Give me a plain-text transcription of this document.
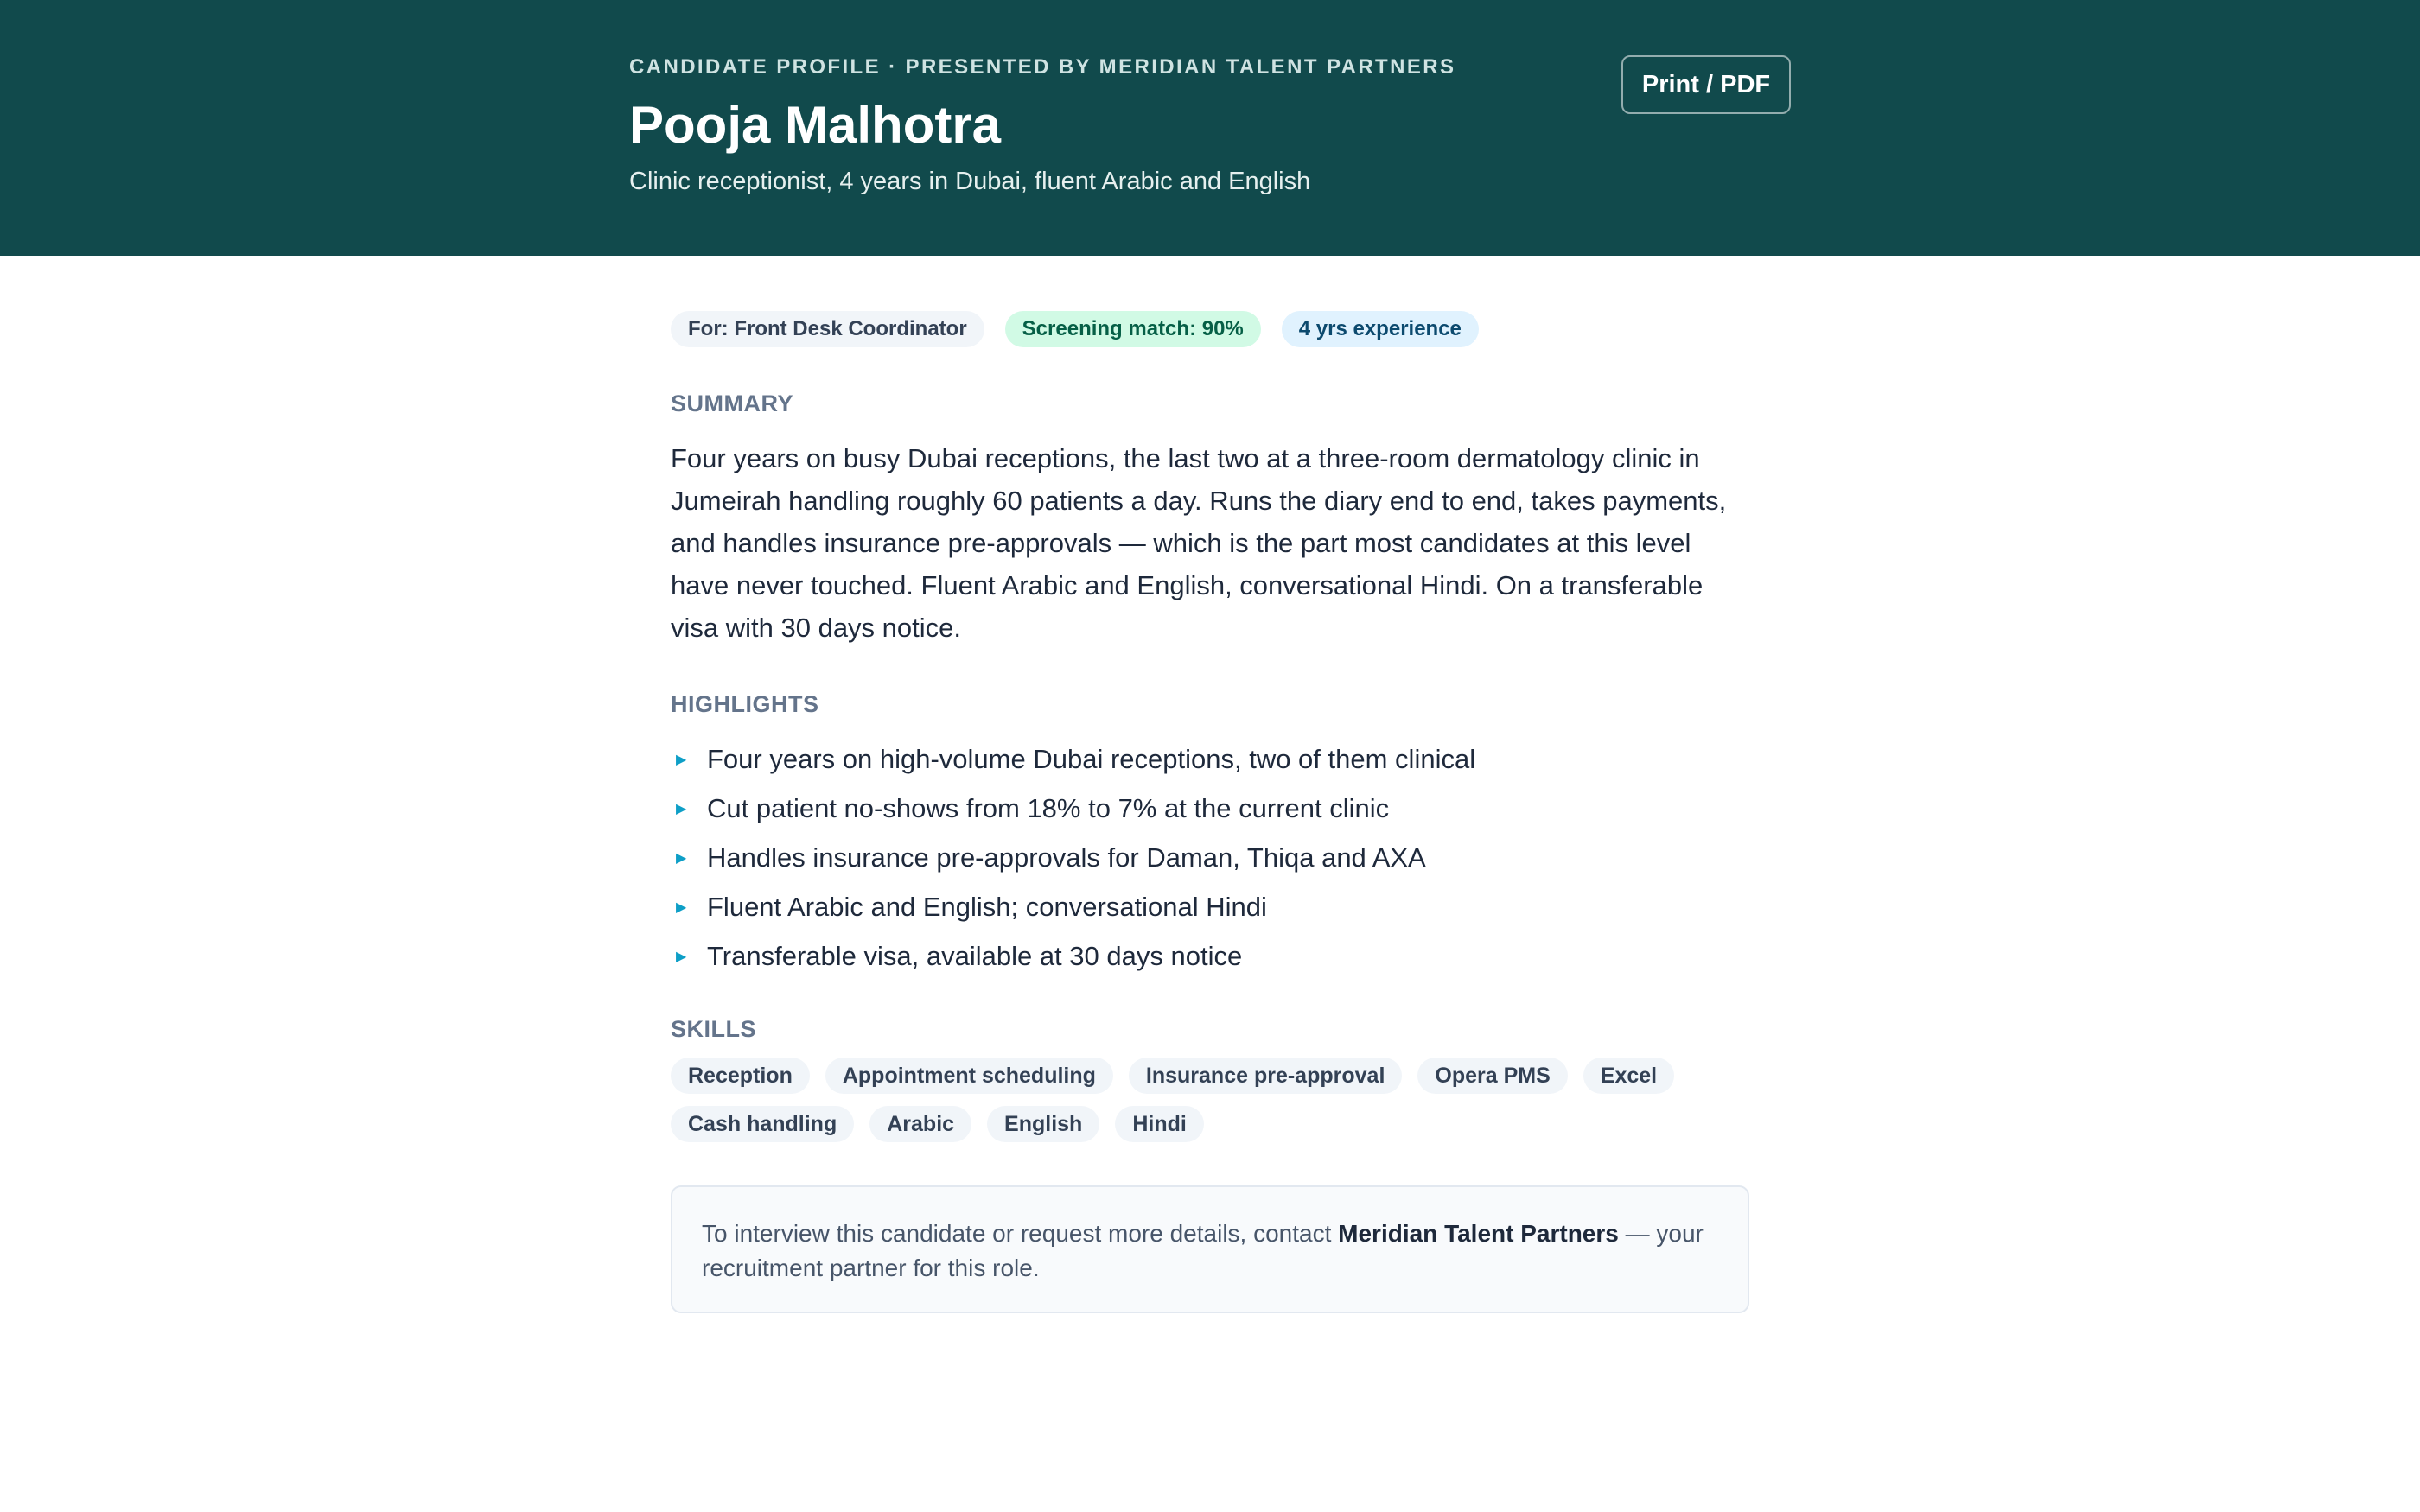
CANDIDATE PROFILE · PRESENTED BY MERIDIAN TALENT PARTNERS
Pooja Malhotra
Clinic receptionist, 4 years in Dubai, fluent Arabic and English
Print / PDF
For: Front Desk Coordinator	Screening match: 90%	4 yrs experience
SUMMARY

Four years on busy Dubai receptions, the last two at a three-room dermatology clinic in Jumeirah handling roughly 60 patients a day. Runs the diary end to end, takes payments, and handles insurance pre-approvals — which is the part most candidates at this level have never touched. Fluent Arabic and English, conversational Hindi. On a transferable visa with 30 days notice.

HIGHLIGHTS
▶ Four years on high-volume Dubai receptions, two of them clinical
▶ Cut patient no-shows from 18% to 7% at the current clinic
▶ Handles insurance pre-approvals for Daman, Thiqa and AXA
▶ Fluent Arabic and English; conversational Hindi
▶ Transferable visa, available at 30 days notice
SKILLS
Reception	Appointment scheduling	Insurance pre-approval	Opera PMS	Excel
Cash handling	Arabic	English	Hindi
To interview this candidate or request more details, contact Meridian Talent Partners — your recruitment partner for this role.
